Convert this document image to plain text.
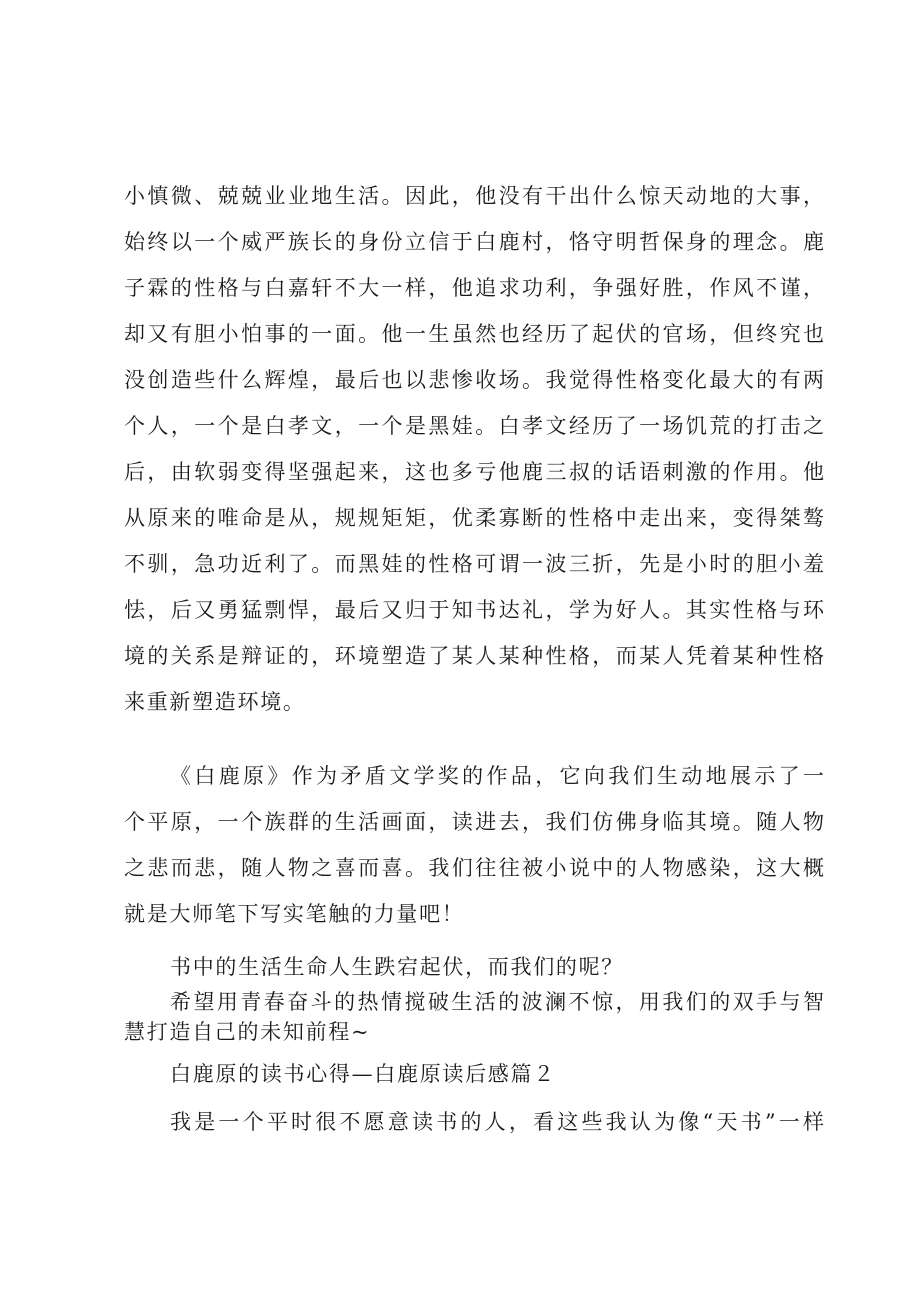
小慎微、兢兢业业地生活。因此，他没有干出什么惊天动地的大事，
始终以一个威严族长的身份立信于白鹿村，恪守明哲保身的理念。鹿
子霖的性格与白嘉轩不大一样，他追求功利，争强好胜，作风不谨，
却又有胆小怕事的一面。他一生虽然也经历了起伏的官场，但终究也
没创造些什么辉煌，最后也以悲惨收场。我觉得性格变化最大的有两
个人，一个是白孝文，一个是黑娃。白孝文经历了一场饥荒的打击之
后，由软弱变得坚强起来，这也多亏他鹿三叔的话语刺激的作用。他
从原来的唯命是从，规规矩矩，优柔寡断的性格中走出来，变得桀骜
不驯，急功近利了。而黑娃的性格可谓一波三折，先是小时的胆小羞
怯，后又勇猛剽悍，最后又归于知书达礼，学为好人。其实性格与环
境的关系是辩证的，环境塑造了某人某种性格，而某人凭着某种性格
来重新塑造环境。
《白鹿原》作为矛盾文学奖的作品，它向我们生动地展示了一
个平原，一个族群的生活画面，读进去，我们仿佛身临其境。随人物
之悲而悲，随人物之喜而喜。我们往往被小说中的人物感染，这大概
就是大师笔下写实笔触的力量吧！
书中的生活生命人生跌宕起伏，而我们的呢？
希望用青春奋斗的热情搅破生活的波澜不惊，用我们的双手与智
慧打造自己的未知前程~
白鹿原的读书心得—白鹿原读后感篇２
我是一个平时很不愿意读书的人，看这些我认为像“天书”一样
